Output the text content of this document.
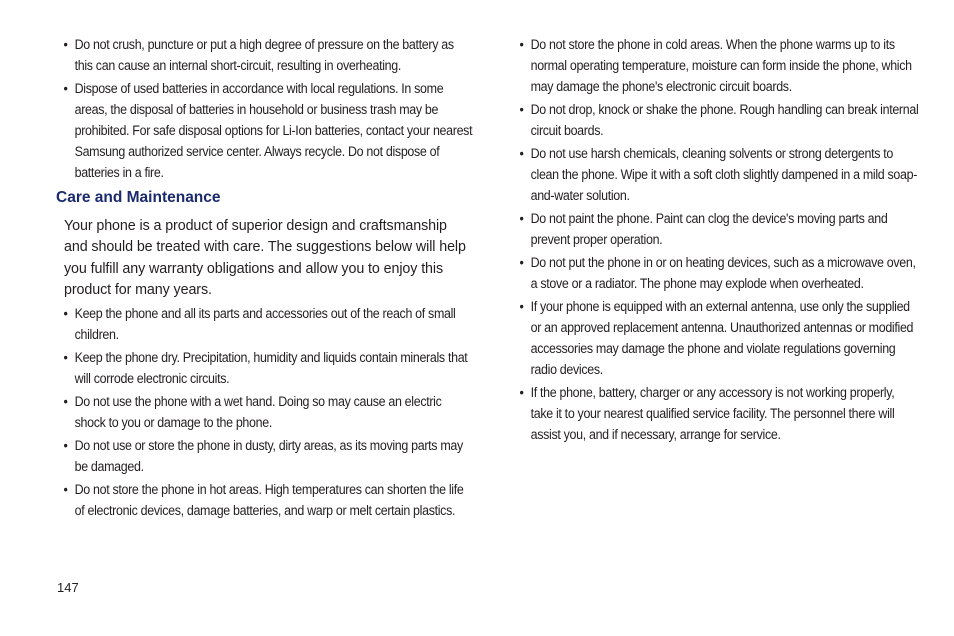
• Do not crush, puncture or put a high degree of pressure on the battery as this can cause an internal short-circuit, resulting in overheating.
• Dispose of used batteries in accordance with local regulations. In some areas, the disposal of batteries in household or business trash may be prohibited. For safe disposal options for Li-Ion batteries, contact your nearest Samsung authorized service center. Always recycle. Do not dispose of batteries in a fire.
Care and Maintenance

Your phone is a product of superior design and craftsmanship and should be treated with care. The suggestions below will help you fulfill any warranty obligations and allow you to enjoy this product for many years.

• Keep the phone and all its parts and accessories out of the reach of small children.
• Keep the phone dry. Precipitation, humidity and liquids contain minerals that will corrode electronic circuits.
• Do not use the phone with a wet hand. Doing so may cause an electric shock to you or damage to the phone.
• Do not use or store the phone in dusty, dirty areas, as its moving parts may be damaged.
• Do not store the phone in hot areas. High temperatures can shorten the life of electronic devices, damage batteries, and warp or melt certain plastics.
• Do not store the phone in cold areas. When the phone warms up to its normal operating temperature, moisture can form inside the phone, which may damage the phone's electronic circuit boards.
• Do not drop, knock or shake the phone. Rough handling can break internal circuit boards.
• Do not use harsh chemicals, cleaning solvents or strong detergents to clean the phone. Wipe it with a soft cloth slightly dampened in a mild soap-and-water solution.
• Do not paint the phone. Paint can clog the device's moving parts and prevent proper operation.
• Do not put the phone in or on heating devices, such as a microwave oven, a stove or a radiator. The phone may explode when overheated.
• If your phone is equipped with an external antenna, use only the supplied or an approved replacement antenna. Unauthorized antennas or modified accessories may damage the phone and violate regulations governing radio devices.
• If the phone, battery, charger or any accessory is not working properly, take it to your nearest qualified service facility. The personnel there will assist you, and if necessary, arrange for service.
147
